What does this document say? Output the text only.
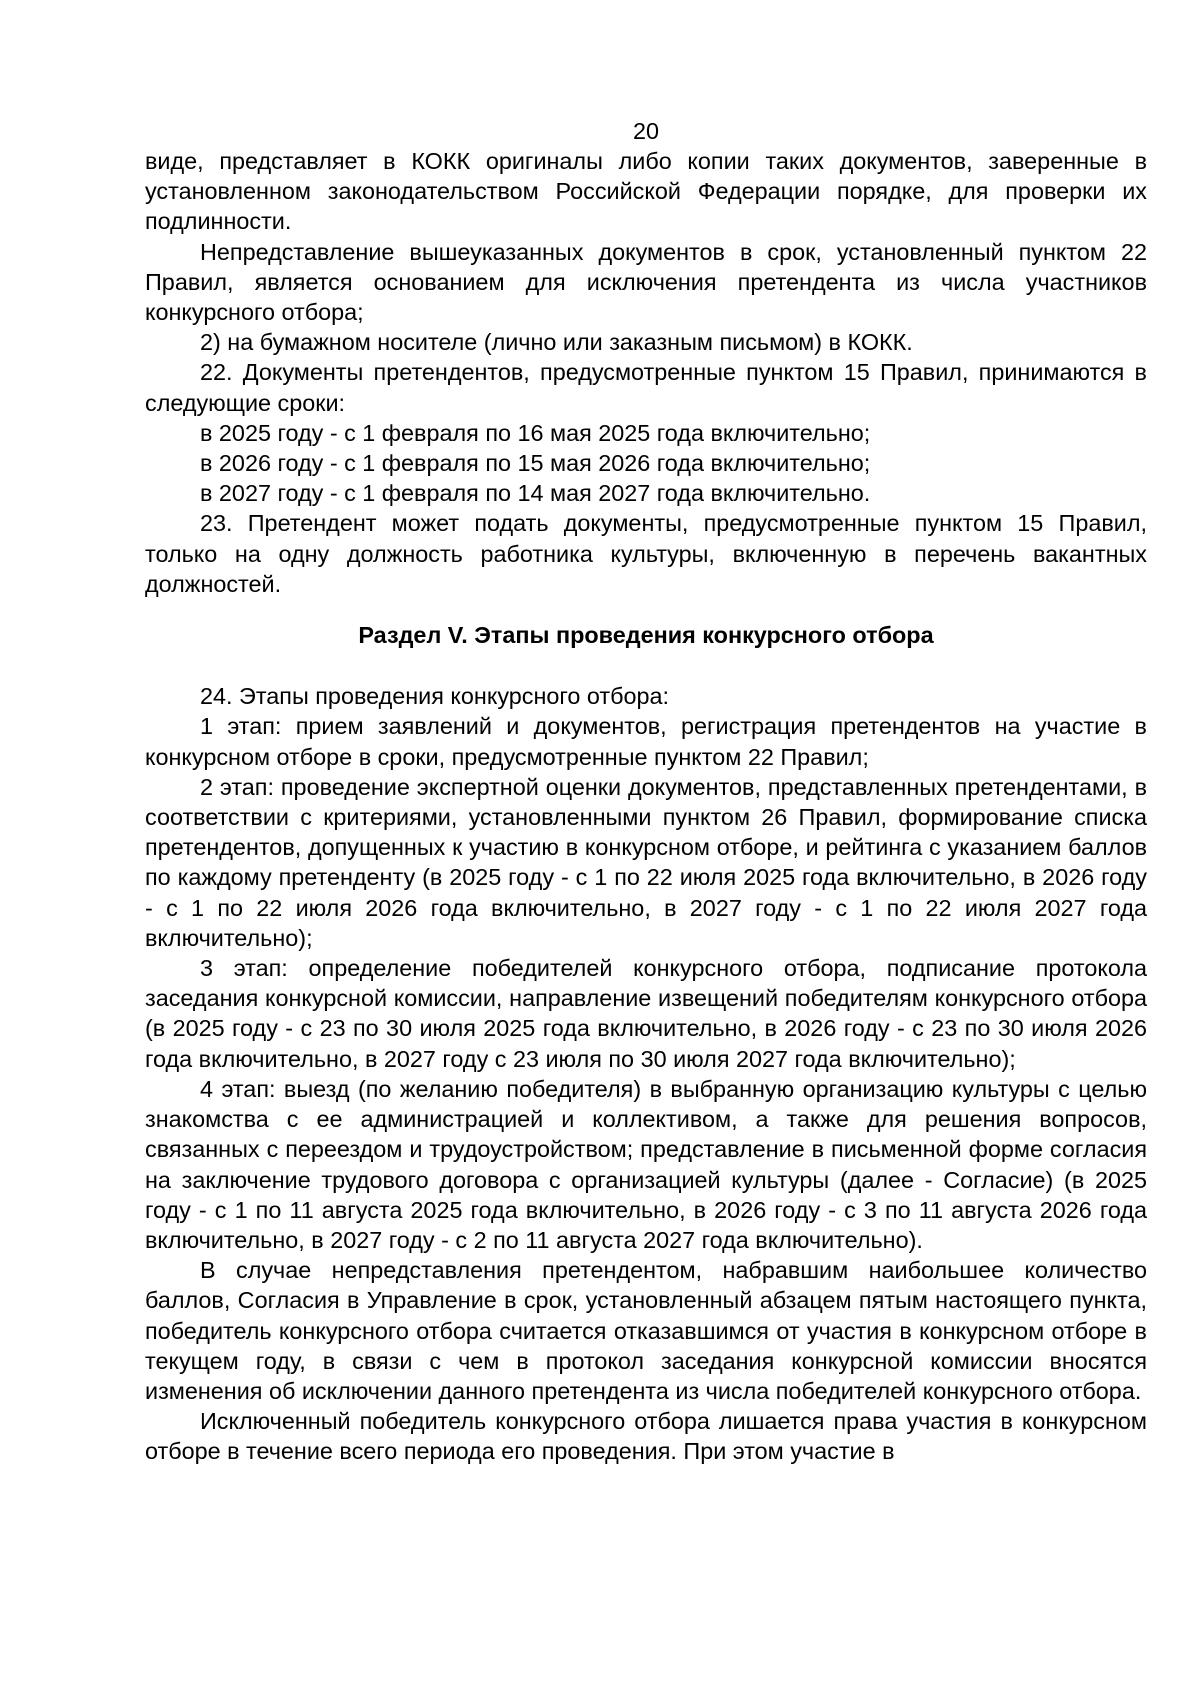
20

виде, представляет в КОКК оригиналы либо копии таких документов, заверенные в установленном законодательством Российской Федерации порядке, для проверки их подлинности.

Непредставление вышеуказанных документов в срок, установленный пунктом 22 Правил, является основанием для исключения претендента из числа участников конкурсного отбора;

2) на бумажном носителе (лично или заказным письмом) в КОКК.

22. Документы претендентов, предусмотренные пунктом 15 Правил, принимаются в следующие сроки:

в 2025 году - с 1 февраля по 16 мая 2025 года включительно;

в 2026 году - с 1 февраля по 15 мая 2026 года включительно;

в 2027 году - с 1 февраля по 14 мая 2027 года включительно.

23. Претендент может подать документы, предусмотренные пунктом 15 Правил, только на одну должность работника культуры, включенную в перечень вакантных должностей.

Раздел V. Этапы проведения конкурсного отбора

24. Этапы проведения конкурсного отбора:

1 этап: прием заявлений и документов, регистрация претендентов на участие в конкурсном отборе в сроки, предусмотренные пунктом 22 Правил;

2 этап: проведение экспертной оценки документов, представленных претендентами, в соответствии с критериями, установленными пунктом 26 Правил, формирование списка претендентов, допущенных к участию в конкурсном отборе, и рейтинга с указанием баллов по каждому претенденту (в 2025 году - с 1 по 22 июля 2025 года включительно, в 2026 году - с 1 по 22 июля 2026 года включительно, в 2027 году - с 1 по 22 июля 2027 года включительно);

3 этап: определение победителей конкурсного отбора, подписание протокола заседания конкурсной комиссии, направление извещений победителям конкурсного отбора (в 2025 году - с 23 по 30 июля 2025 года включительно, в 2026 году - с 23 по 30 июля 2026 года включительно, в 2027 году с 23 июля по 30 июля 2027 года включительно);

4 этап: выезд (по желанию победителя) в выбранную организацию культуры с целью знакомства с ее администрацией и коллективом, а также для решения вопросов, связанных с переездом и трудоустройством; представление в письменной форме согласия на заключение трудового договора с организацией культуры (далее - Согласие) (в 2025 году - с 1 по 11 августа 2025 года включительно, в 2026 году - с 3 по 11 августа 2026 года включительно, в 2027 году - с 2 по 11 августа 2027 года включительно).

В случае непредставления претендентом, набравшим наибольшее количество баллов, Согласия в Управление в срок, установленный абзацем пятым настоящего пункта, победитель конкурсного отбора считается отказавшимся от участия в конкурсном отборе в текущем году, в связи с чем в протокол заседания конкурсной комиссии вносятся изменения об исключении данного претендента из числа победителей конкурсного отбора.

Исключенный победитель конкурсного отбора лишается права участия в конкурсном отборе в течение всего периода его проведения. При этом участие в
